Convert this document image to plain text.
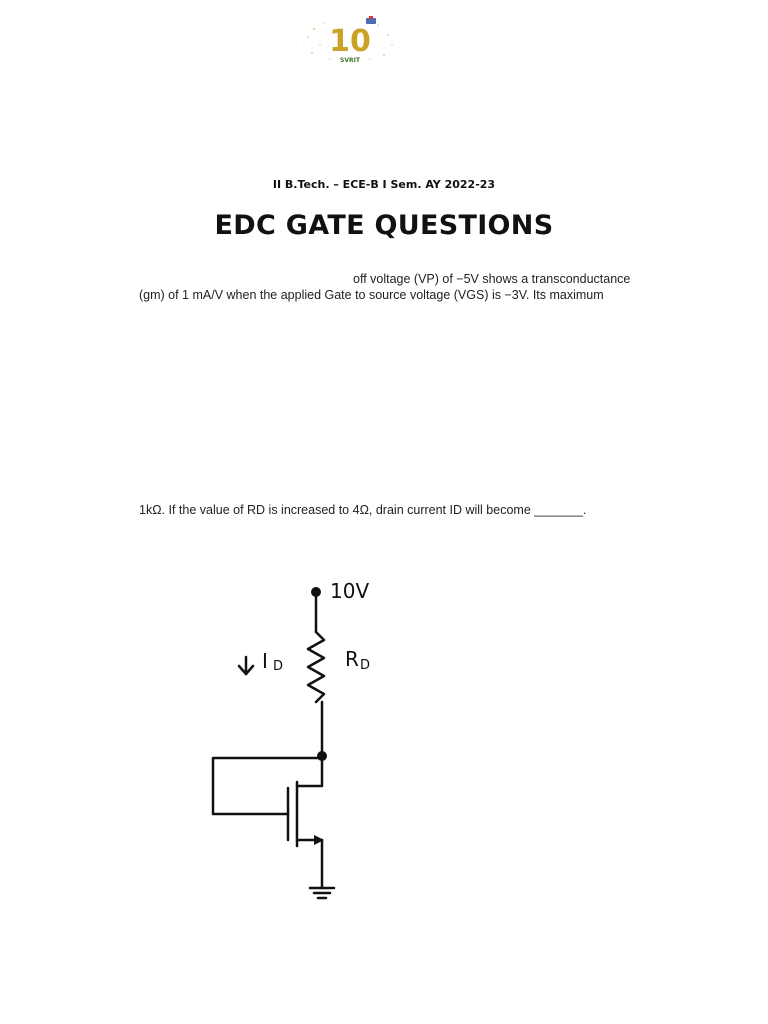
10
SVRIT
II B.Tech. – ECE-B I Sem. AY 2022-23
EDC GATE QUESTIONS
off voltage (VP) of −5V shows a transconductance
(gm) of 1 mA/V when the applied Gate to source voltage (VGS) is −3V. Its maximum
1kΩ. If the value of RD is increased to 4Ω, drain current ID will become _______.
10V
I D	R D
